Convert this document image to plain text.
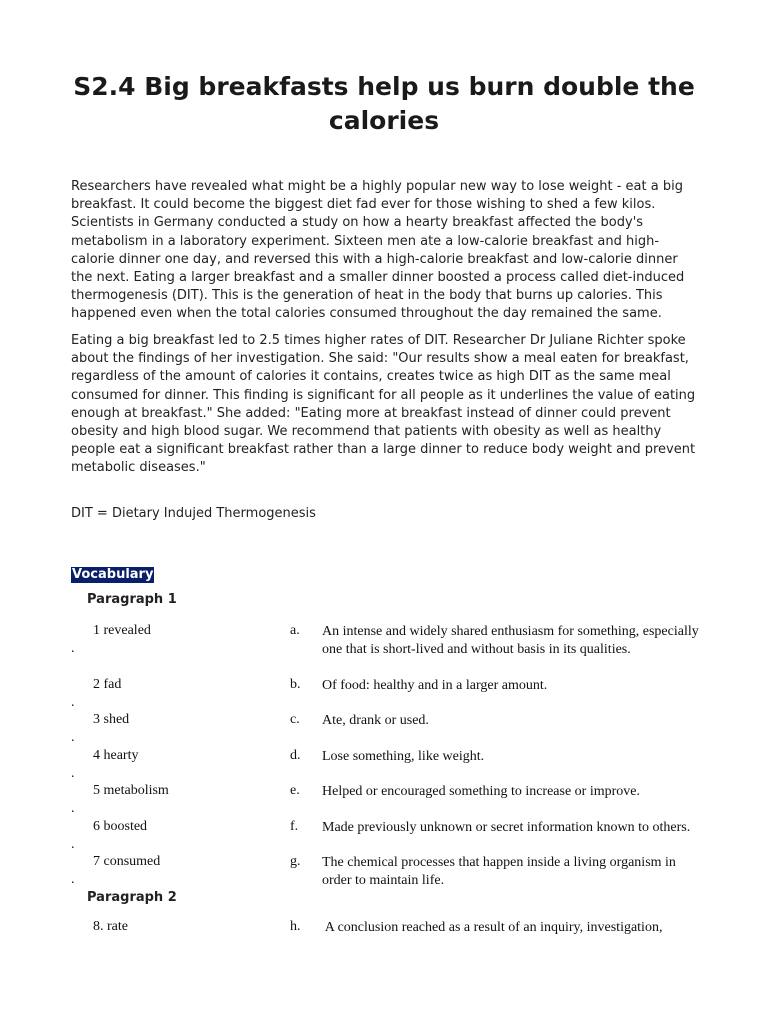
S2.4 Big breakfasts help us burn double the calories

Researchers have revealed what might be a highly popular new way to lose weight - eat a big breakfast. It could become the biggest diet fad ever for those wishing to shed a few kilos. Scientists in Germany conducted a study on how a hearty breakfast affected the body's metabolism in a laboratory experiment. Sixteen men ate a low-calorie breakfast and high-calorie dinner one day, and reversed this with a high-calorie breakfast and low-calorie dinner the next. Eating a larger breakfast and a smaller dinner boosted a process called diet-induced thermogenesis (DIT). This is the generation of heat in the body that burns up calories. This happened even when the total calories consumed throughout the day remained the same.

Eating a big breakfast led to 2.5 times higher rates of DIT. Researcher Dr Juliane Richter spoke about the findings of her investigation. She said: "Our results show a meal eaten for breakfast, regardless of the amount of calories it contains, creates twice as high DIT as the same meal consumed for dinner. This finding is significant for all people as it underlines the value of eating enough at breakfast." She added: "Eating more at breakfast instead of dinner could prevent obesity and high blood sugar. We recommend that patients with obesity as well as healthy people eat a significant breakfast rather than a large dinner to reduce body weight and prevent metabolic diseases."

DIT = Dietary Indujed Thermogenesis

Vocabulary

Paragraph 1

.
1 revealed	a. An intense and widely shared enthusiasm for something, especially one that is short-lived and without basis in its qualities.
.
2 fad	b. Of food: healthy and in a larger amount.
.
3 shed	c. Ate, drank or used.
.
4 hearty	d. Lose something, like weight.
.
5 metabolism	e. Helped or encouraged something to increase or improve.
.
6 boosted	f. Made previously unknown or secret information known to others.
.
7 consumed	g. The chemical processes that happen inside a living organism in order to maintain life.

Paragraph 2

8. rate	h. A conclusion reached as a result of an inquiry, investigation,
